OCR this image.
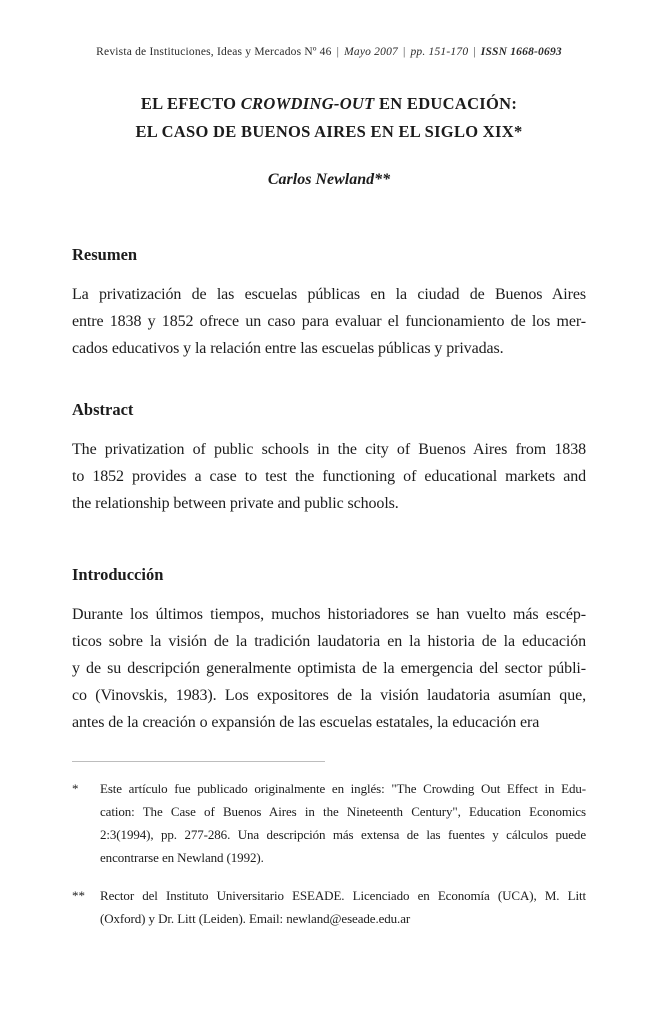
Revista de Instituciones, Ideas y Mercados Nº 46 | Mayo 2007 | pp. 151-170 | ISSN 1668-0693
EL EFECTO CROWDING-OUT EN EDUCACIÓN:
EL CASO DE BUENOS AIRES EN EL SIGLO XIX*
Carlos Newland**
Resumen
La privatización de las escuelas públicas en la ciudad de Buenos Aires
entre 1838 y 1852 ofrece un caso para evaluar el funcionamiento de los mer-
cados educativos y la relación entre las escuelas públicas y privadas.
Abstract
The privatization of public schools in the city of Buenos Aires from 1838
to 1852 provides a case to test the functioning of educational markets and
the relationship between private and public schools.
Introducción
Durante los últimos tiempos, muchos historiadores se han vuelto más escép-
ticos sobre la visión de la tradición laudatoria en la historia de la educación
y de su descripción generalmente optimista de la emergencia del sector públi-
co (Vinovskis, 1983). Los expositores de la visión laudatoria asumían que,
antes de la creación o expansión de las escuelas estatales, la educación era
*	Este artículo fue publicado originalmente en inglés: "The Crowding Out Effect in Edu-
cation: The Case of Buenos Aires in the Nineteenth Century", Education Economics
2:3(1994), pp. 277-286. Una descripción más extensa de las fuentes y cálculos puede
encontrarse en Newland (1992).
**	Rector del Instituto Universitario ESEADE. Licenciado en Economía (UCA), M. Litt
(Oxford) y Dr. Litt (Leiden). Email: newland@eseade.edu.ar
